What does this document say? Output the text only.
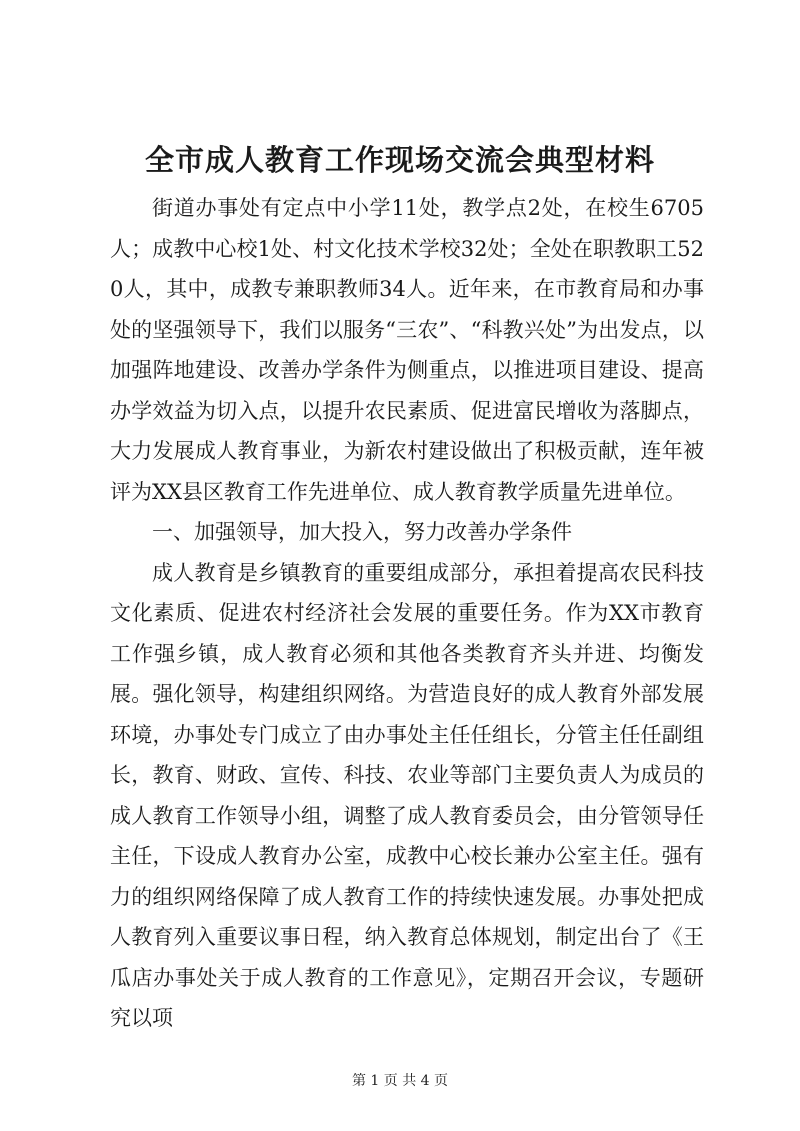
全市成人教育工作现场交流会典型材料

街道办事处有定点中小学11处，教学点2处，在校生6705人；成教中心校1处、村文化技术学校32处；全处在职教职工520人，其中，成教专兼职教师34人。近年来，在市教育局和办事处的坚强领导下，我们以服务“三农”、“科教兴处”为出发点，以加强阵地建设、改善办学条件为侧重点，以推进项目建设、提高办学效益为切入点，以提升农民素质、促进富民增收为落脚点，大力发展成人教育事业，为新农村建设做出了积极贡献，连年被评为XX县区教育工作先进单位、成人教育教学质量先进单位。

一、加强领导，加大投入，努力改善办学条件

成人教育是乡镇教育的重要组成部分，承担着提高农民科技文化素质、促进农村经济社会发展的重要任务。作为XX市教育工作强乡镇，成人教育必须和其他各类教育齐头并进、均衡发展。强化领导，构建组织网络。为营造良好的成人教育外部发展环境，办事处专门成立了由办事处主任任组长，分管主任任副组长，教育、财政、宣传、科技、农业等部门主要负责人为成员的成人教育工作领导小组，调整了成人教育委员会，由分管领导任主任，下设成人教育办公室，成教中心校长兼办公室主任。强有力的组织网络保障了成人教育工作的持续快速发展。办事处把成人教育列入重要议事日程，纳入教育总体规划，制定出台了《王瓜店办事处关于成人教育的工作意见》，定期召开会议，专题研究以项

第 1 页 共 4 页
